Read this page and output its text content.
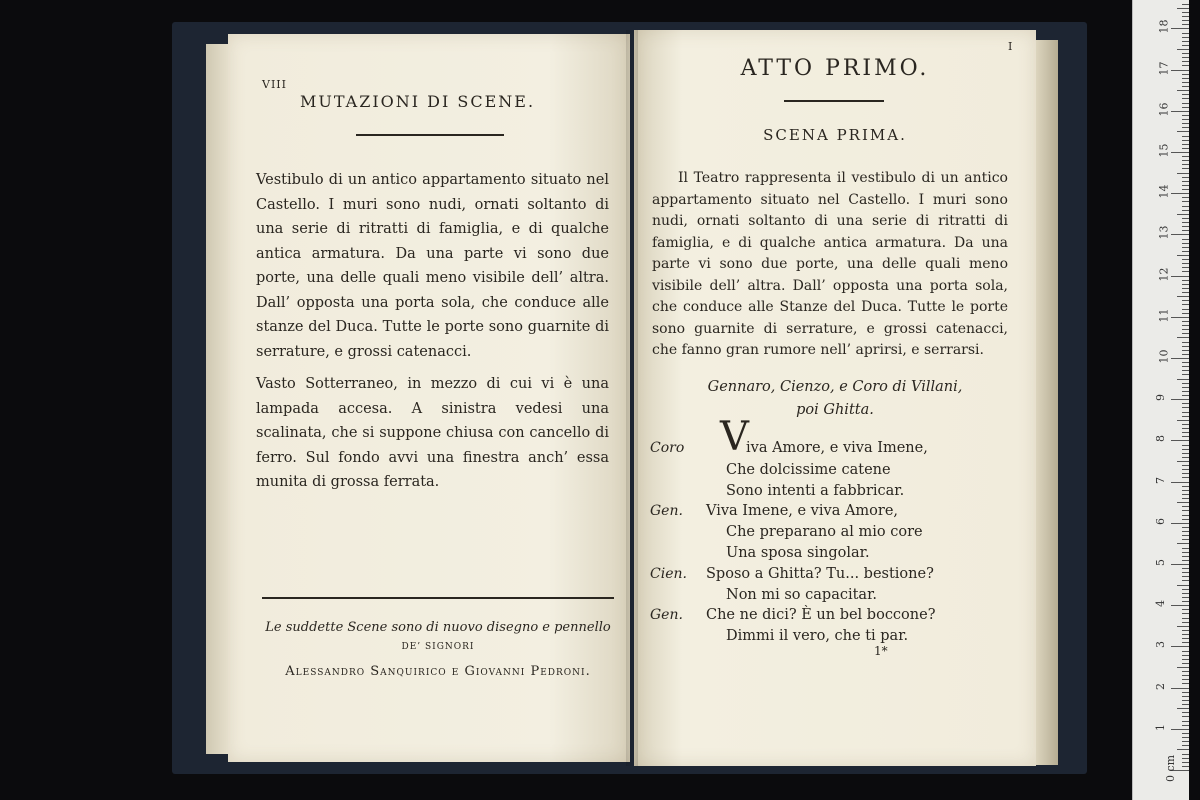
VIII
MUTAZIONI DI SCENE.

Vestibulo di un antico appartamento situato nel Castello. I muri sono nudi, ornati soltanto di una serie di ritratti di famiglia, e di qualche antica armatura. Da una parte vi sono due porte, una delle quali meno visibile dell’ altra. Dall’ opposta una porta sola, che conduce alle stanze del Duca. Tutte le porte sono guarnite di serrature, e grossi catenacci.

Vasto Sotterraneo, in mezzo di cui vi è una lampada accesa. A sinistra vedesi una scalinata, che si suppone chiusa con cancello di ferro. Sul fondo avvi una finestra anch’ essa munita di grossa ferrata.

Le suddette Scene sono di nuovo disegno e pennello

DE’ SIGNORI

Alessandro Sanquirico e Giovanni Pedroni.

I
ATTO PRIMO.
SCENA PRIMA.

Il Teatro rappresenta il vestibulo di un antico appartamento situato nel Castello. I muri sono nudi, ornati soltanto di una serie di ritratti di famiglia, e di qualche antica armatura. Da una parte vi sono due porte, una delle quali meno visibile dell’ altra. Dall’ opposta una porta sola, che conduce alle Stanze del Duca. Tutte le porte sono guarnite di serrature, e grossi catenacci, che fanno gran rumore nell’ aprirsi, e serrarsi.

Gennaro, Cienzo, e Coro di Villani,
poi Ghitta.
V
Coro	iva Amore, e viva Imene,
Che dolcissime catene
Sono intenti a fabbricar.
Gen. Viva Imene, e viva Amore,
Che preparano al mio core
Una sposa singolar.
Cien. Sposo a Ghitta? Tu... bestione?
Non mi so capacitar.
Gen. Che ne dici? È un bel boccone?
Dimmi il vero, che ti par.
1*
0 cm
1
2
3
4
5
6
7
8
9
10
11
12
13
14
15
16
17
18
